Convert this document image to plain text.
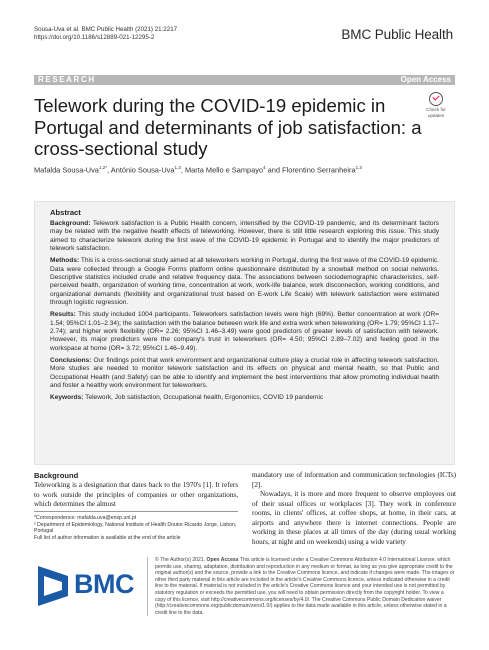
Sousa-Uva et al. BMC Public Health (2021) 21:2217
https://doi.org/10.1186/s12889-021-12295-2	BMC Public Health
RESEARCH	Open Access
Telework during the COVID-19 epidemic in Portugal and determinants of job satisfaction: a cross-sectional study
Check for updates
Mafalda Sousa-Uva$^{1,2*}$, António Sousa-Uva$^{1,3}$, Marta Mello e Sampayo$^4$ and Florentino Serranheira$^{1,3}$
Abstract

Background: Telework satisfaction is a Public Health concern, intensified by the COVID-19 pandemic, and its determinant factors may be related with the negative health effects of teleworking. However, there is still little research exploring this issue. This study aimed to characterize telework during the first wave of the COVID-19 epidemic in Portugal and to identify the major predictors of telework satisfaction.

Methods: This is a cross-sectional study aimed at all teleworkers working in Portugal, during the first wave of the COVID-19 epidemic. Data were collected through a Google Forms platform online questionnaire distributed by a snowball method on social networks. Descriptive statistics included crude and relative frequency data. The associations between sociodemographic characteristics, self-perceived health, organization of working time, concentration at work, work-life balance, work disconnection, working conditions, and organizational demands (flexibility and organizational trust based on E-work Life Scale) with telework satisfaction were estimated through logistic regression.

Results: This study included 1004 participants. Teleworkers satisfaction levels were high (69%). Better concentration at work (OR= 1.54; 95%CI 1.01–2.34); the satisfaction with the balance between work life and extra work when teleworking (OR= 1.79; 95%CI 1.17–2.74); and higher work flexibility (OR= 2.26; 95%CI 1.46–3.49) were good predictors of greater levels of satisfaction with telework. However, its major predictors were the company's trust in teleworkers (OR= 4.50; 95%CI 2.89–7.02) and feeling good in the workspace at home (OR= 3.72; 95%CI 1.46–9.49).

Conclusions: Our findings point that work environment and organizational culture play a crucial role in affecting telework satisfaction. More studies are needed to monitor telework satisfaction and its effects on physical and mental health, so that Public and Occupational Health (and Safety) can be able to identify and implement the best interventions that allow promoting individual health and foster a healthy work environment for teleworkers.

Keywords: Telework, Job satisfaction, Occupational health, Ergonomics, COVID 19 pandemic

Background

Teleworking is a designation that dates back to the 1970's [1]. It refers to work outside the principles of companies or other organizations, which determines the almost

mandatory use of information and communication technologies (ICTs) [2].

Nowadays, it is more and more frequent to observe employees out of their usual offices or workplaces [3]. They work in conference rooms, in clients' offices, at coffee shops, at home, in their cars, at airports and anywhere there is internet connections. People are working in these places at all times of the day (during usual working hours, at night and on weekends) using a wide variety

*Correspondence: mafalda.uva@ensp.unl.pt
² Department of Epidemiology, National Institute of Health Doutor Ricardo Jorge, Lisbon, Portugal
Full list of author information is available at the end of the article
BMC
© The Author(s) 2021. Open Access This article is licensed under a Creative Commons Attribution 4.0 International License, which permits use, sharing, adaptation, distribution and reproduction in any medium or format, as long as you give appropriate credit to the original author(s) and the source, provide a link to the Creative Commons licence, and indicate if changes were made. The images or other third party material in this article are included in the article's Creative Commons licence, unless indicated otherwise in a credit line to the material. If material is not included in the article's Creative Commons licence and your intended use is not permitted by statutory regulation or exceeds the permitted use, you will need to obtain permission directly from the copyright holder. To view a copy of this licence, visit http://creativecommons.org/licenses/by/4.0/. The Creative Commons Public Domain Dedication waiver (http://creativecommons.org/publicdomain/zero/1.0/) applies to the data made available in this article, unless otherwise stated in a credit line to the data.
